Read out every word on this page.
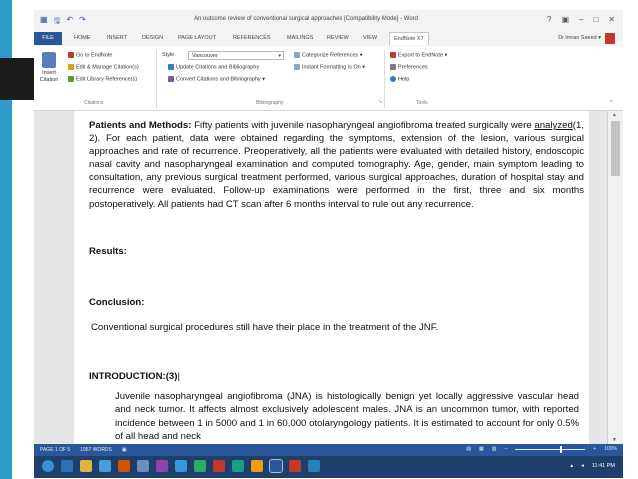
▦ 🖫 ↶ ↷	An outcome review of conventional surgical approaches [Compatibility Mode] - Word	? ▣ – □ ✕
FILE	HOME	INSERT	DESIGN	PAGE LAYOUT	REFERENCES	MAILINGS REVIEW	VIEW	EndNote X7	Dr.Imran Saeed ▾
Insert Citation
Go to EndNote
Edit & Manage Citation(s)
Edit Library Reference(s)
Citations
Style:	Vancouver	▾
Update Citations and Bibliography
Convert Citations and Bibliography ▾
Categorize References ▾
Instant Formatting is On ▾
Bibliography	↘
Export to EndNote ▾
Preferences
Help
Tools	^
Patients and Methods: Fifty patients with juvenile nasopharyngeal angiofibroma treated surgically were analyzed(1, 2). For each patient, data were obtained regarding the symptoms, extension of the lesion, various surgical approaches and rate of recurrence. Preoperatively, all the patients were evaluated with detailed history, endoscopic nasal cavity and nasopharyngeal examination and computed tomography. Age, gender, main symptom leading to consultation, any previous surgical treatment performed, various surgical approaches, duration of hospital stay and recurrence were evaluated. Follow-up examinations were performed in the first, three and six months postoperatively. All patients had CT scan after 6 months interval to rule out any recurrence.
Results:
Conclusion:
Conventional surgical procedures still have their place in the treatment of the JNF.
INTRODUCTION:(3)|
Juvenile nasopharyngeal angiofibroma (JNA) is histologically benign yet locally aggressive vascular head and neck tumor. It affects almost exclusively adolescent males. JNA is an uncommon tumor, with reported incidence between 1 in 5000 and 1 in 60,000 otolaryngology patients. It is estimated to account for only 0.5% of all head and neck
▲
▼
PAGE 1 OF 5 1957 WORDS ▣	▤ ▦ ▥ –	+ 100%
▴ ◂ 11:41 PM
